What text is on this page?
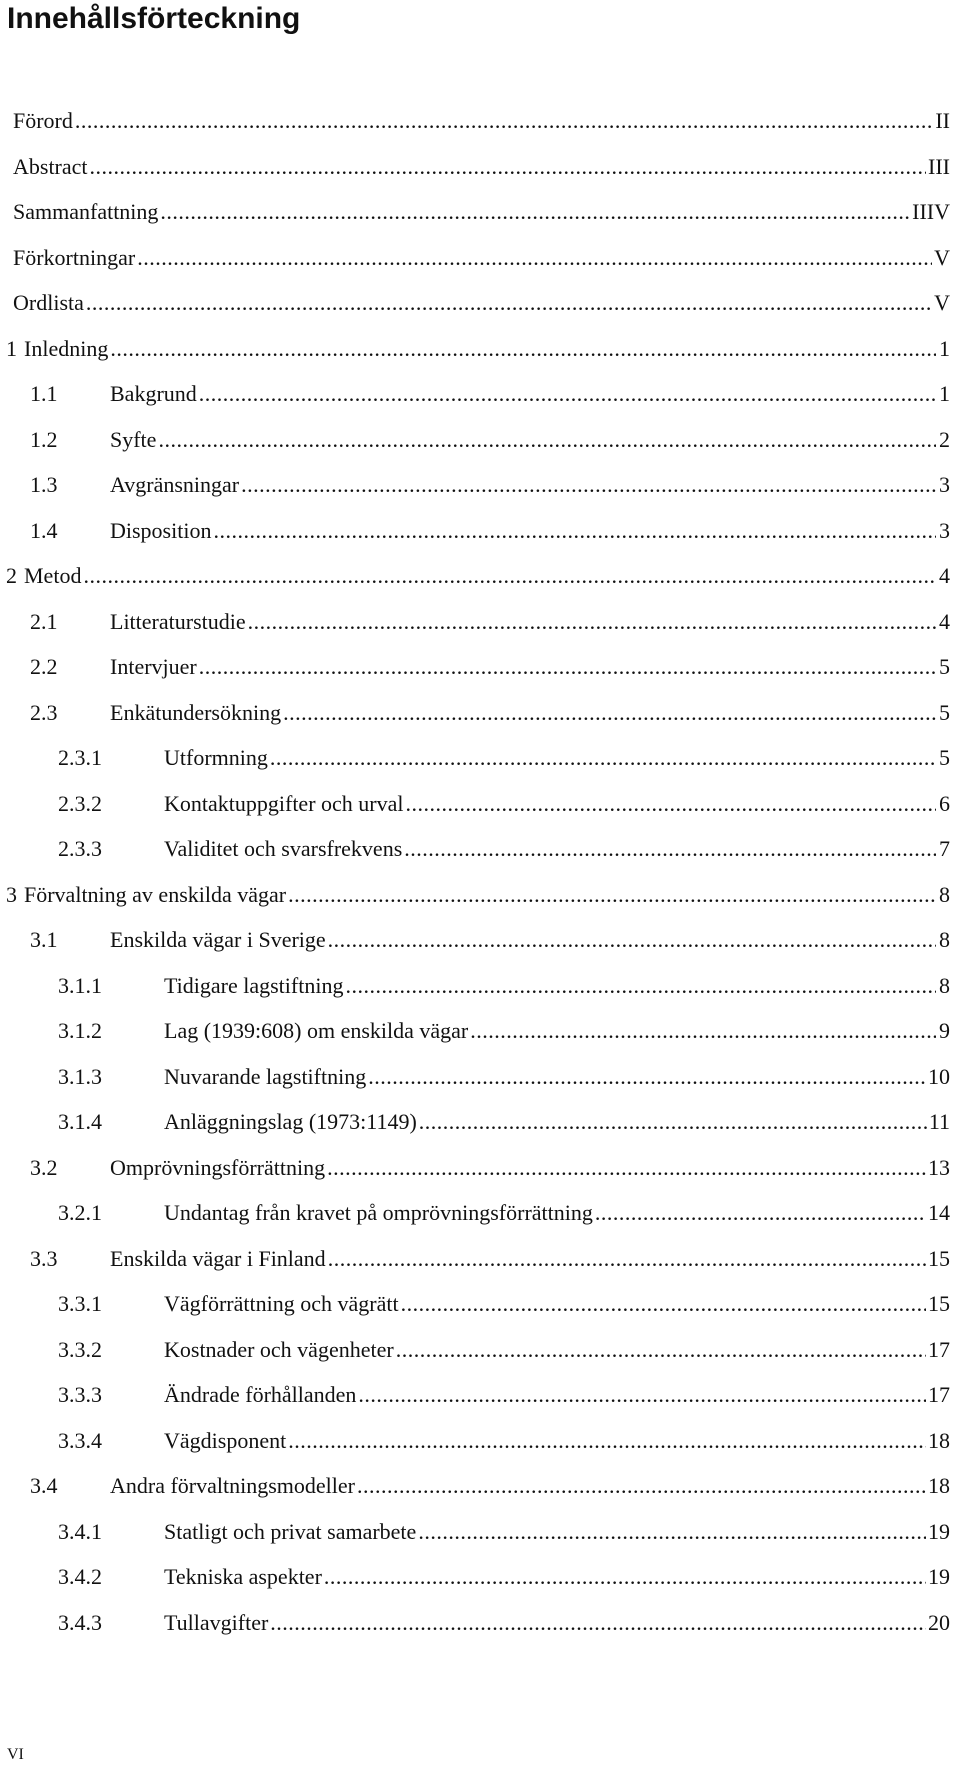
Innehållsförteckning
Förord .....	II
Abstract .....	III
Sammanfattning .....	IIIV
Förkortningar .....	V
Ordlista .....	V
1 Inledning .....	1
1.1	Bakgrund .....	1
1.2	Syfte .....	2
1.3	Avgränsningar .....	3
1.4	Disposition .....	3
2 Metod .....	4
2.1	Litteraturstudie .....	4
2.2	Intervjuer .....	5
2.3	Enkätundersökning .....	5
2.3.1	Utformning .....	5
2.3.2	Kontaktuppgifter och urval .....	6
2.3.3	Validitet och svarsfrekvens .....	7
3 Förvaltning av enskilda vägar .....	8
3.1	Enskilda vägar i Sverige .....	8
3.1.1	Tidigare lagstiftning .....	8
3.1.2	Lag (1939:608) om enskilda vägar .....	9
3.1.3	Nuvarande lagstiftning .....	10
3.1.4	Anläggningslag (1973:1149) .....	11
3.2	Omprövningsförrättning .....	13
3.2.1	Undantag från kravet på omprövningsförrättning .....	14
3.3	Enskilda vägar i Finland .....	15
3.3.1	Vägförrättning och vägrätt .....	15
3.3.2	Kostnader och vägenheter .....	17
3.3.3	Ändrade förhållanden .....	17
3.3.4	Vägdisponent .....	18
3.4	Andra förvaltningsmodeller .....	18
3.4.1	Statligt och privat samarbete .....	19
3.4.2	Tekniska aspekter .....	19
3.4.3	Tullavgifter .....	20
VI
